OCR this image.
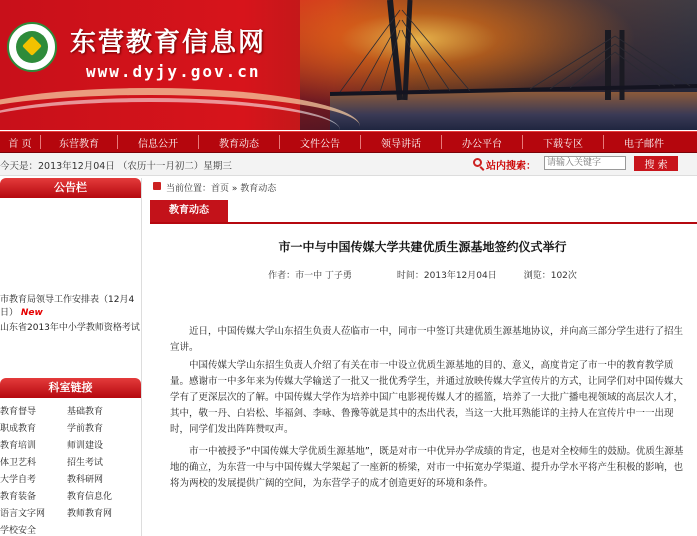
东营教育信息网
www.dyjy.gov.cn
首 页	东营教育	信息公开	教育动态	文件公告	领导讲话	办公平台	下载专区	电子邮件
今天是：2013年12月04日 （农历十一月初二）星期三	站内搜索：
请输入关键字	搜 索
公告栏
市教育局领导工作安排表（12月4日） New
山东省2013年中小学教师资格考试
科室链接
教育督导	基础教育
职成教育	学前教育
教育培训	师训建设
体卫艺科	招生考试
大学自考	教科研网
教育装备	教育信息化
语言文字网	教师教育网
学校安全
当前位置：首页 » 教育动态
教育动态
市一中与中国传媒大学共建优质生源基地签约仪式举行
作者：市一中 丁子勇　　　　　时间：2013年12月04日　　　浏览：102次

近日，中国传媒大学山东招生负责人莅临市一中，同市一中签订共建优质生源基地协议，并向高三部分学生进行了招生宣讲。

中国传媒大学山东招生负责人介绍了有关在市一中设立优质生源基地的目的、意义，高度肯定了市一中的教育教学质量。感谢市一中多年来为传媒大学输送了一批又一批优秀学生，并通过放映传媒大学宣传片的方式，让同学们对中国传媒大学有了更深层次的了解。中国传媒大学作为培养中国广电影视传媒人才的摇篮，培养了一大批广播电视领域的高层次人才，其中，敬一丹、白岩松、毕福剑、李咏、鲁豫等就是其中的杰出代表，当这一大批耳熟能详的主持人在宣传片中一一出现时，同学们发出阵阵赞叹声。

市一中被授予“中国传媒大学优质生源基地”，既是对市一中优异办学成绩的肯定，也是对全校师生的鼓励。优质生源基地的确立，为东营一中与中国传媒大学架起了一座新的桥梁，对市一中拓宽办学渠道、提升办学水平将产生积极的影响，也将为两校的发展提供广阔的空间，为东营学子的成才创造更好的环境和条件。
